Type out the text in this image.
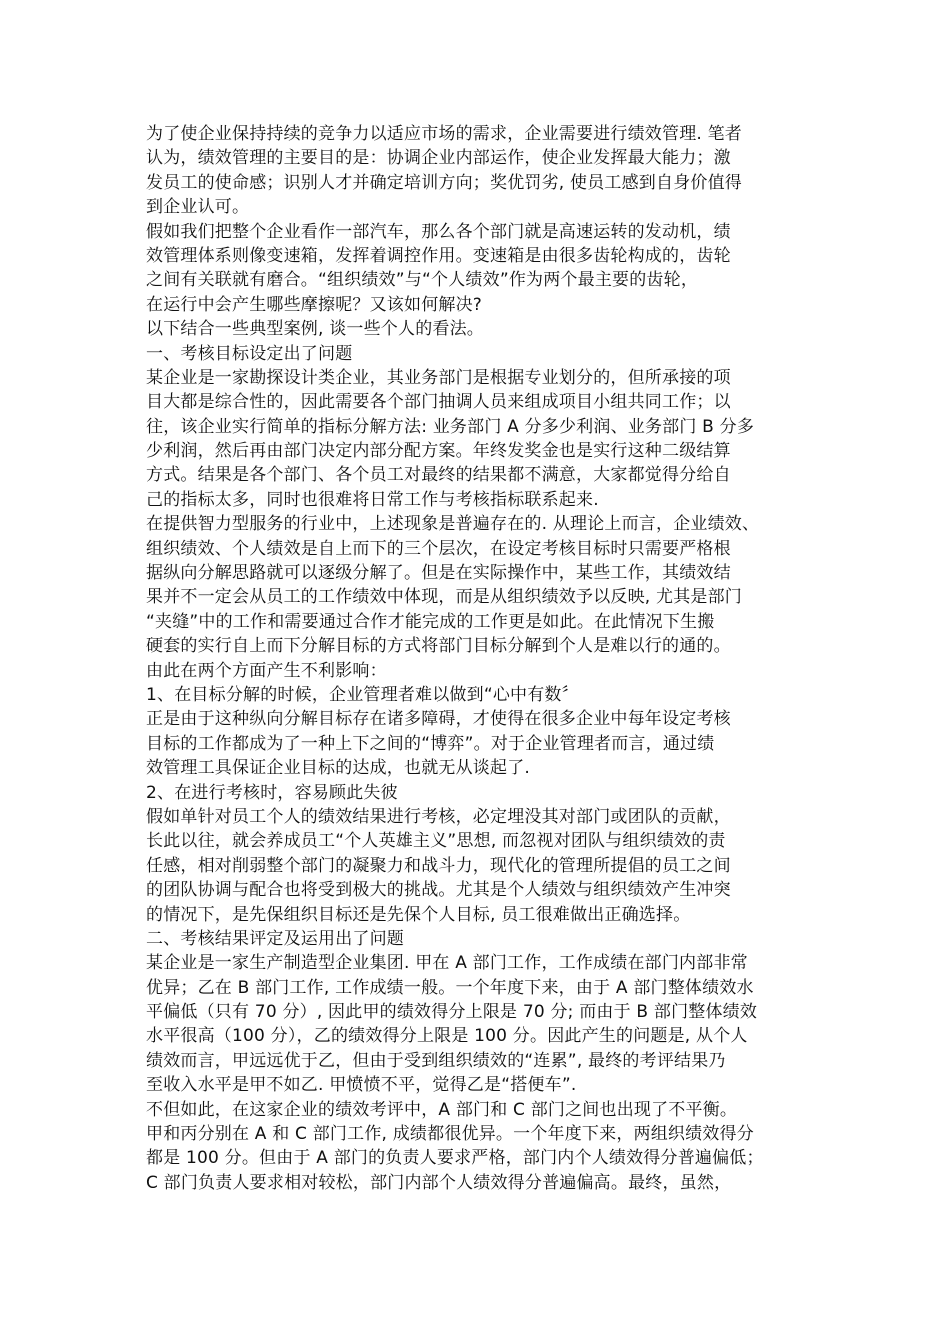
为了使企业保持持续的竞争力以适应市场的需求，企业需要进行绩效管理. 笔者
认为，绩效管理的主要目的是：协调企业内部运作，使企业发挥最大能力；激
发员工的使命感；识别人才并确定培训方向；奖优罚劣, 使员工感到自身价值得
到企业认可。
假如我们把整个企业看作一部汽车，那么各个部门就是高速运转的发动机，绩
效管理体系则像变速箱，发挥着调控作用。变速箱是由很多齿轮构成的，齿轮
之间有关联就有磨合。“组织绩效”与“个人绩效”作为两个最主要的齿轮，
在运行中会产生哪些摩擦呢？又该如何解决?
以下结合一些典型案例, 谈一些个人的看法。
一、考核目标设定出了问题
某企业是一家勘探设计类企业，其业务部门是根据专业划分的，但所承接的项
目大都是综合性的，因此需要各个部门抽调人员来组成项目小组共同工作；以
往，该企业实行简单的指标分解方法: 业务部门 A 分多少利润、业务部门 B 分多
少利润，然后再由部门决定内部分配方案。年终发奖金也是实行这种二级结算
方式。结果是各个部门、各个员工对最终的结果都不满意，大家都觉得分给自
己的指标太多，同时也很难将日常工作与考核指标联系起来.
在提供智力型服务的行业中，上述现象是普遍存在的. 从理论上而言，企业绩效、
组织绩效、个人绩效是自上而下的三个层次，在设定考核目标时只需要严格根
据纵向分解思路就可以逐级分解了。但是在实际操作中，某些工作，其绩效结
果并不一定会从员工的工作绩效中体现，而是从组织绩效予以反映, 尤其是部门
“夹缝”中的工作和需要通过合作才能完成的工作更是如此。在此情况下生搬
硬套的实行自上而下分解目标的方式将部门目标分解到个人是难以行的通的。
由此在两个方面产生不利影响：
1、在目标分解的时候，企业管理者难以做到“心中有数〞
正是由于这种纵向分解目标存在诸多障碍，才使得在很多企业中每年设定考核
目标的工作都成为了一种上下之间的“博弈”。对于企业管理者而言，通过绩
效管理工具保证企业目标的达成，也就无从谈起了.
2、在进行考核时，容易顾此失彼
假如单针对员工个人的绩效结果进行考核，必定埋没其对部门或团队的贡献，
长此以往，就会养成员工“个人英雄主义”思想, 而忽视对团队与组织绩效的责
任感，相对削弱整个部门的凝聚力和战斗力，现代化的管理所提倡的员工之间
的团队协调与配合也将受到极大的挑战。尤其是个人绩效与组织绩效产生冲突
的情况下，是先保组织目标还是先保个人目标, 员工很难做出正确选择。
二、考核结果评定及运用出了问题
某企业是一家生产制造型企业集团. 甲在 A 部门工作，工作成绩在部门内部非常
优异；乙在 B 部门工作, 工作成绩一般。一个年度下来，由于 A 部门整体绩效水
平偏低（只有 70 分）, 因此甲的绩效得分上限是 70 分; 而由于 B 部门整体绩效
水平很高（100 分），乙的绩效得分上限是 100 分。因此产生的问题是, 从个人
绩效而言，甲远远优于乙，但由于受到组织绩效的“连累”, 最终的考评结果乃
至收入水平是甲不如乙. 甲愤愤不平，觉得乙是“搭便车”.
不但如此，在这家企业的绩效考评中，A 部门和 C 部门之间也出现了不平衡。
甲和丙分别在 A 和 C 部门工作, 成绩都很优异。一个年度下来，两组织绩效得分
都是 100 分。但由于 A 部门的负责人要求严格，部门内个人绩效得分普遍偏低；
C 部门负责人要求相对较松，部门内部个人绩效得分普遍偏高。最终，虽然，
